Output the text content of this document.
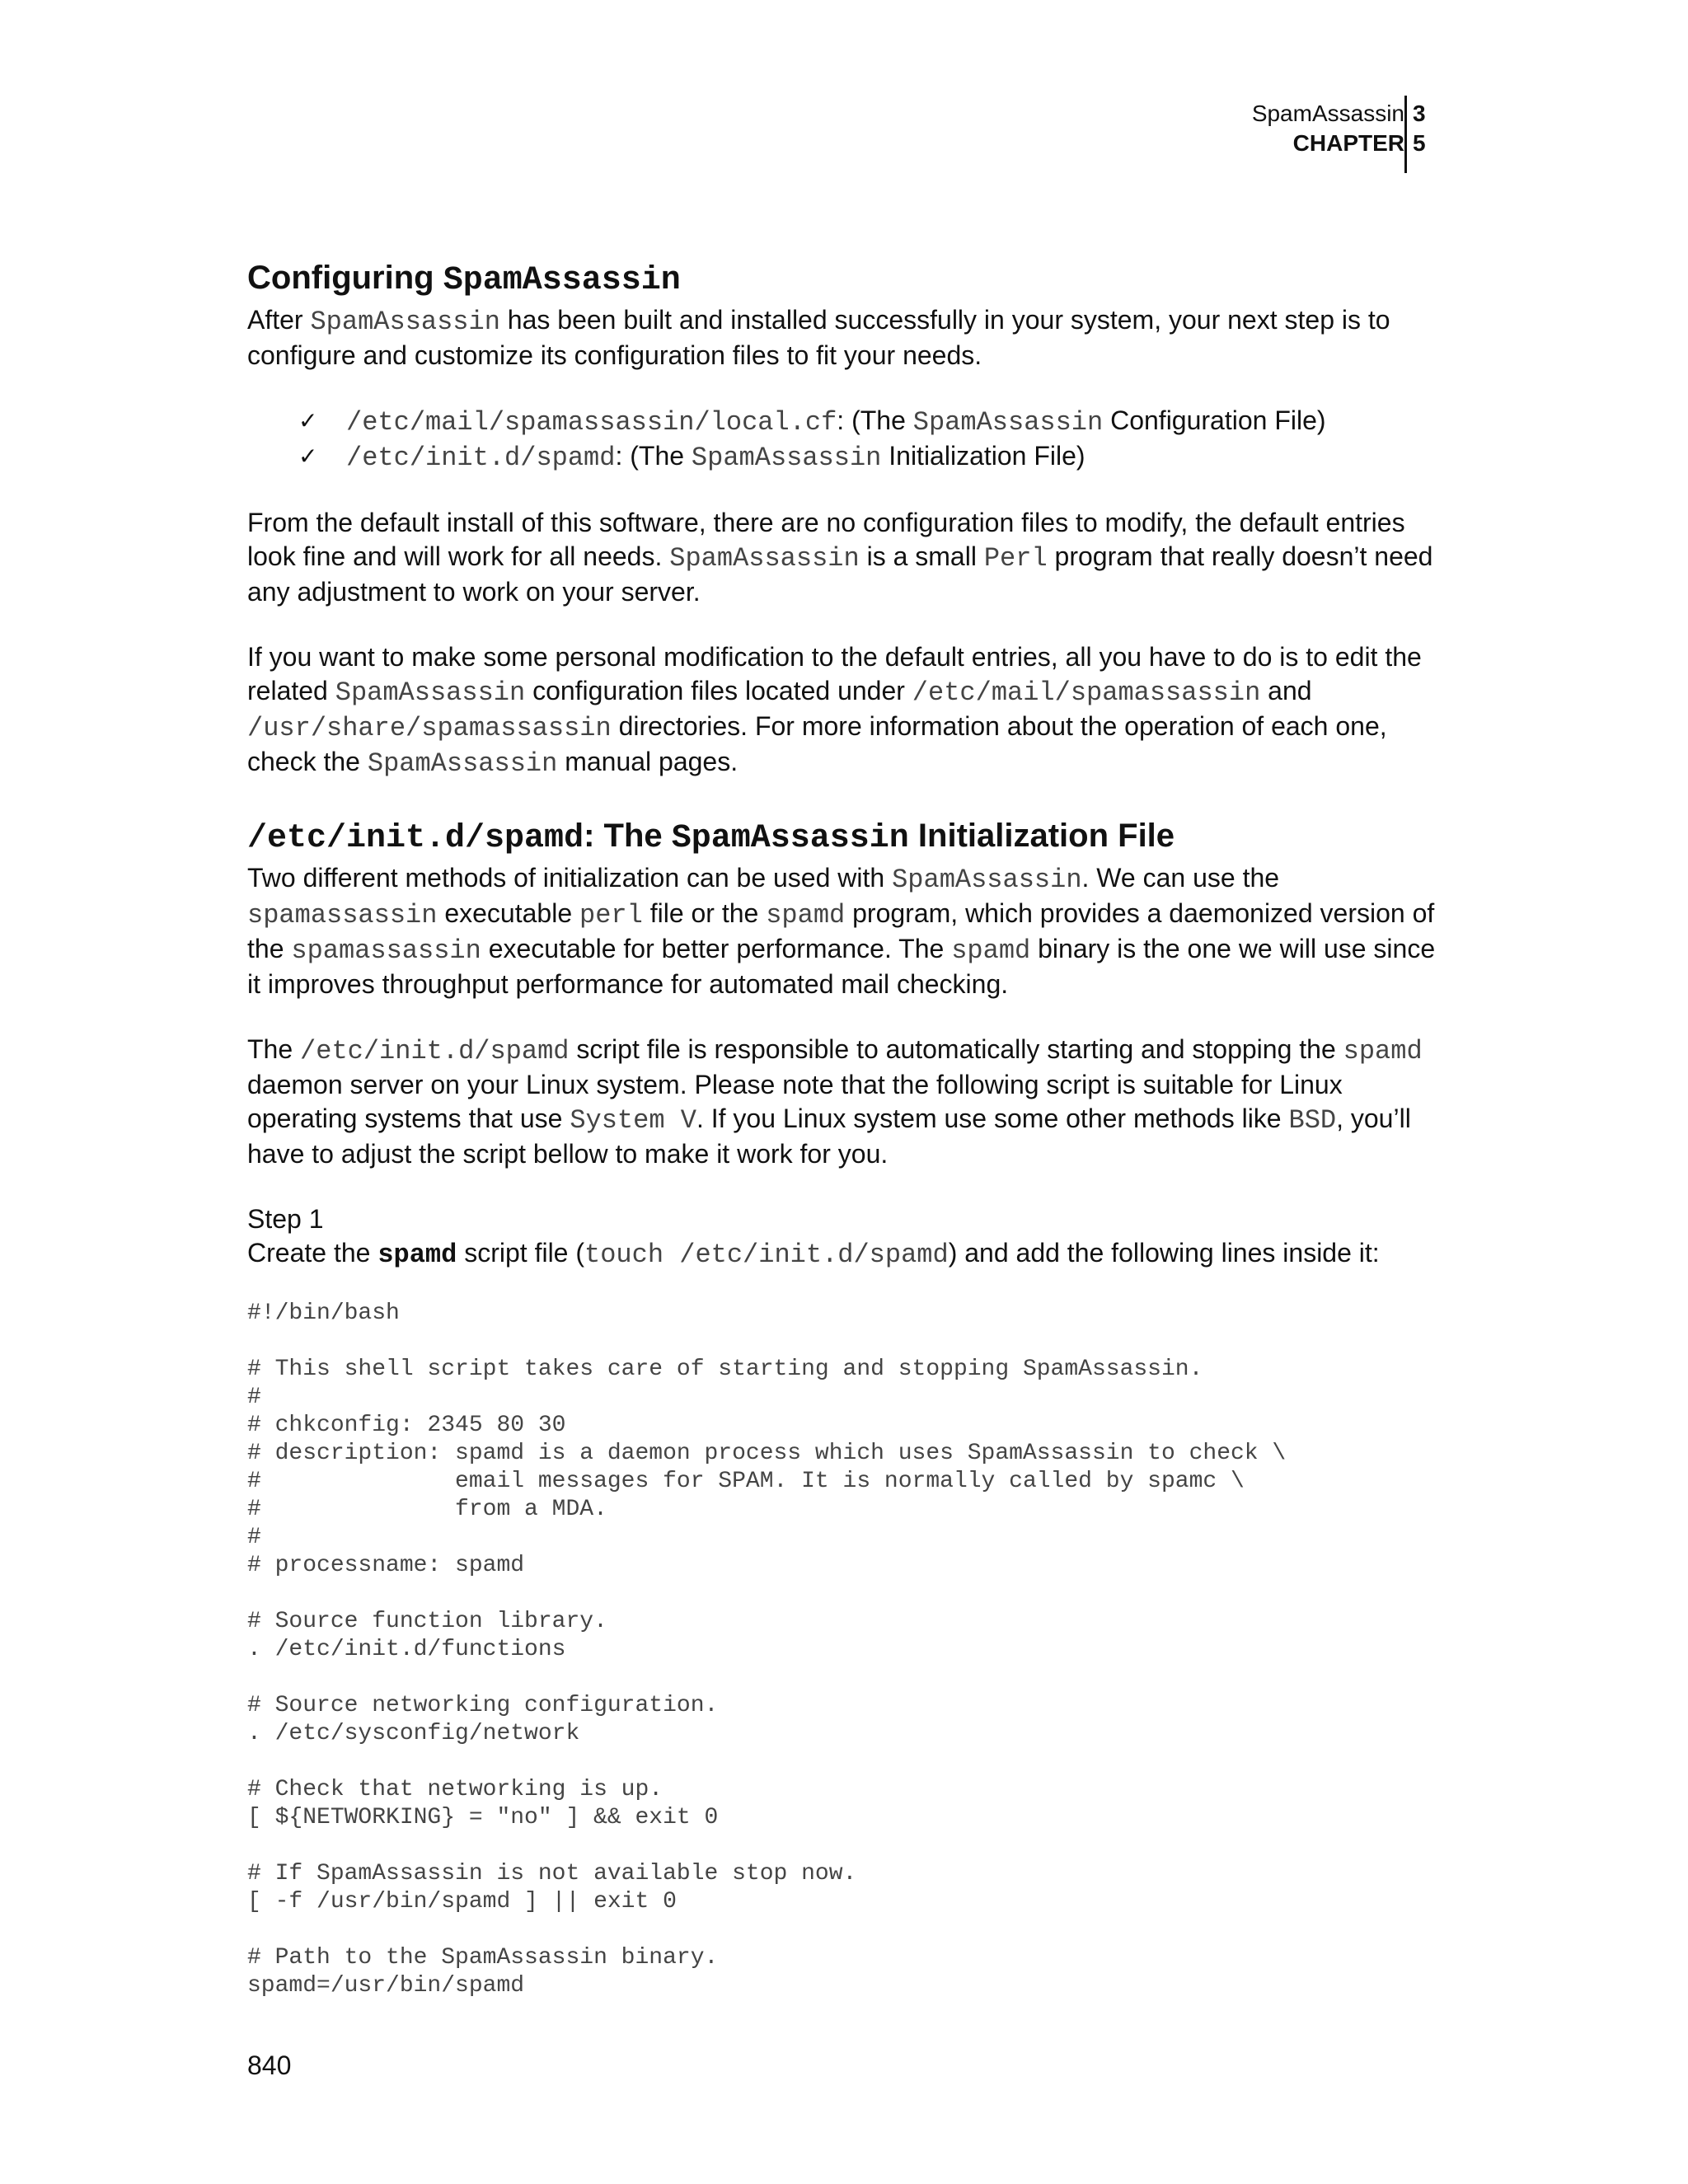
SpamAssassin
CHAPTER
3
5
Configuring SpamAssassin

After SpamAssassin has been built and installed successfully in your system, your next step is to configure and customize its configuration files to fit your needs.

✓ /etc/mail/spamassassin/local.cf: (The SpamAssassin Configuration File)
✓ /etc/init.d/spamd: (The SpamAssassin Initialization File)

From the default install of this software, there are no configuration files to modify, the default entries look fine and will work for all needs. SpamAssassin is a small Perl program that really doesn’t need any adjustment to work on your server.

If you want to make some personal modification to the default entries, all you have to do is to edit the related SpamAssassin configuration files located under /etc/mail/spamassassin and /usr/share/spamassassin directories. For more information about the operation of each one, check the SpamAssassin manual pages.

/etc/init.d/spamd: The SpamAssassin Initialization File

Two different methods of initialization can be used with SpamAssassin. We can use the spamassassin executable perl file or the spamd program, which provides a daemonized version of the spamassassin executable for better performance. The spamd binary is the one we will use since it improves throughput performance for automated mail checking.

The /etc/init.d/spamd script file is responsible to automatically starting and stopping the spamd daemon server on your Linux system. Please note that the following script is suitable for Linux operating systems that use System V. If you Linux system use some other methods like BSD, you’ll have to adjust the script bellow to make it work for you.

Step 1

Create the spamd script file (touch /etc/init.d/spamd) and add the following lines inside it:

#!/bin/bash

# This shell script takes care of starting and stopping SpamAssassin.
#
# chkconfig: 2345 80 30
# description: spamd is a daemon process which uses SpamAssassin to check \
#              email messages for SPAM. It is normally called by spamc \
#              from a MDA.
#
# processname: spamd

# Source function library.
. /etc/init.d/functions

# Source networking configuration.
. /etc/sysconfig/network

# Check that networking is up.
[ ${NETWORKING} = "no" ] && exit 0

# If SpamAssassin is not available stop now.
[ -f /usr/bin/spamd ] || exit 0

# Path to the SpamAssassin binary.
spamd=/usr/bin/spamd
840
